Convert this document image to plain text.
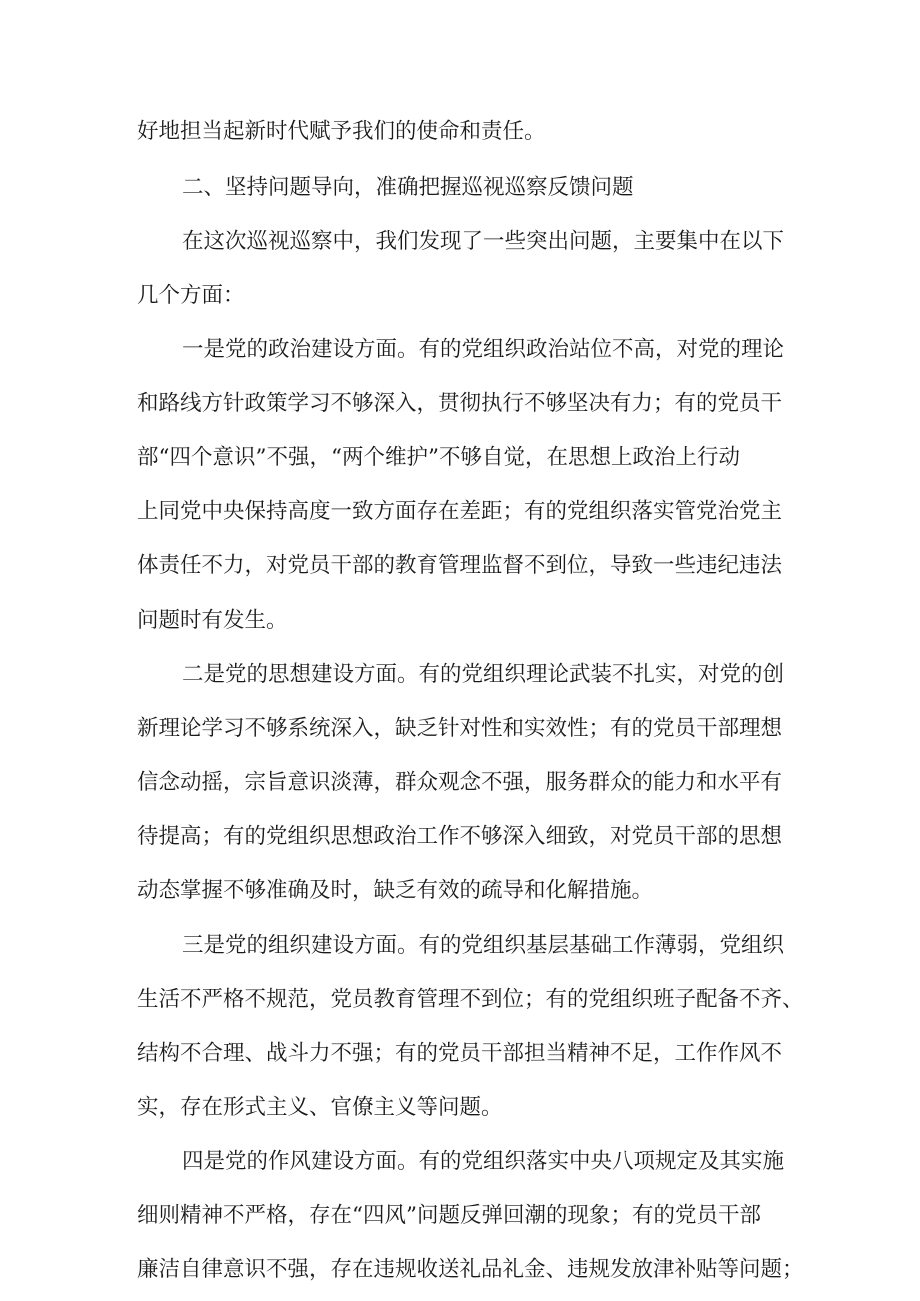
好地担当起新时代赋予我们的使命和责任。
二、坚持问题导向，准确把握巡视巡察反馈问题
在这次巡视巡察中，我们发现了一些突出问题，主要集中在以下
几个方面：
一是党的政治建设方面。有的党组织政治站位不高，对党的理论
和路线方针政策学习不够深入，贯彻执行不够坚决有力；有的党员干
部“四个意识”不强，“两个维护”不够自觉，在思想上政治上行动
上同党中央保持高度一致方面存在差距；有的党组织落实管党治党主
体责任不力，对党员干部的教育管理监督不到位，导致一些违纪违法
问题时有发生。
二是党的思想建设方面。有的党组织理论武装不扎实，对党的创
新理论学习不够系统深入，缺乏针对性和实效性；有的党员干部理想
信念动摇，宗旨意识淡薄，群众观念不强，服务群众的能力和水平有
待提高；有的党组织思想政治工作不够深入细致，对党员干部的思想
动态掌握不够准确及时，缺乏有效的疏导和化解措施。
三是党的组织建设方面。有的党组织基层基础工作薄弱，党组织
生活不严格不规范，党员教育管理不到位；有的党组织班子配备不齐、
结构不合理、战斗力不强；有的党员干部担当精神不足，工作作风不
实，存在形式主义、官僚主义等问题。
四是党的作风建设方面。有的党组织落实中央八项规定及其实施
细则精神不严格，存在“四风”问题反弹回潮的现象；有的党员干部
廉洁自律意识不强，存在违规收送礼品礼金、违规发放津补贴等问题；
